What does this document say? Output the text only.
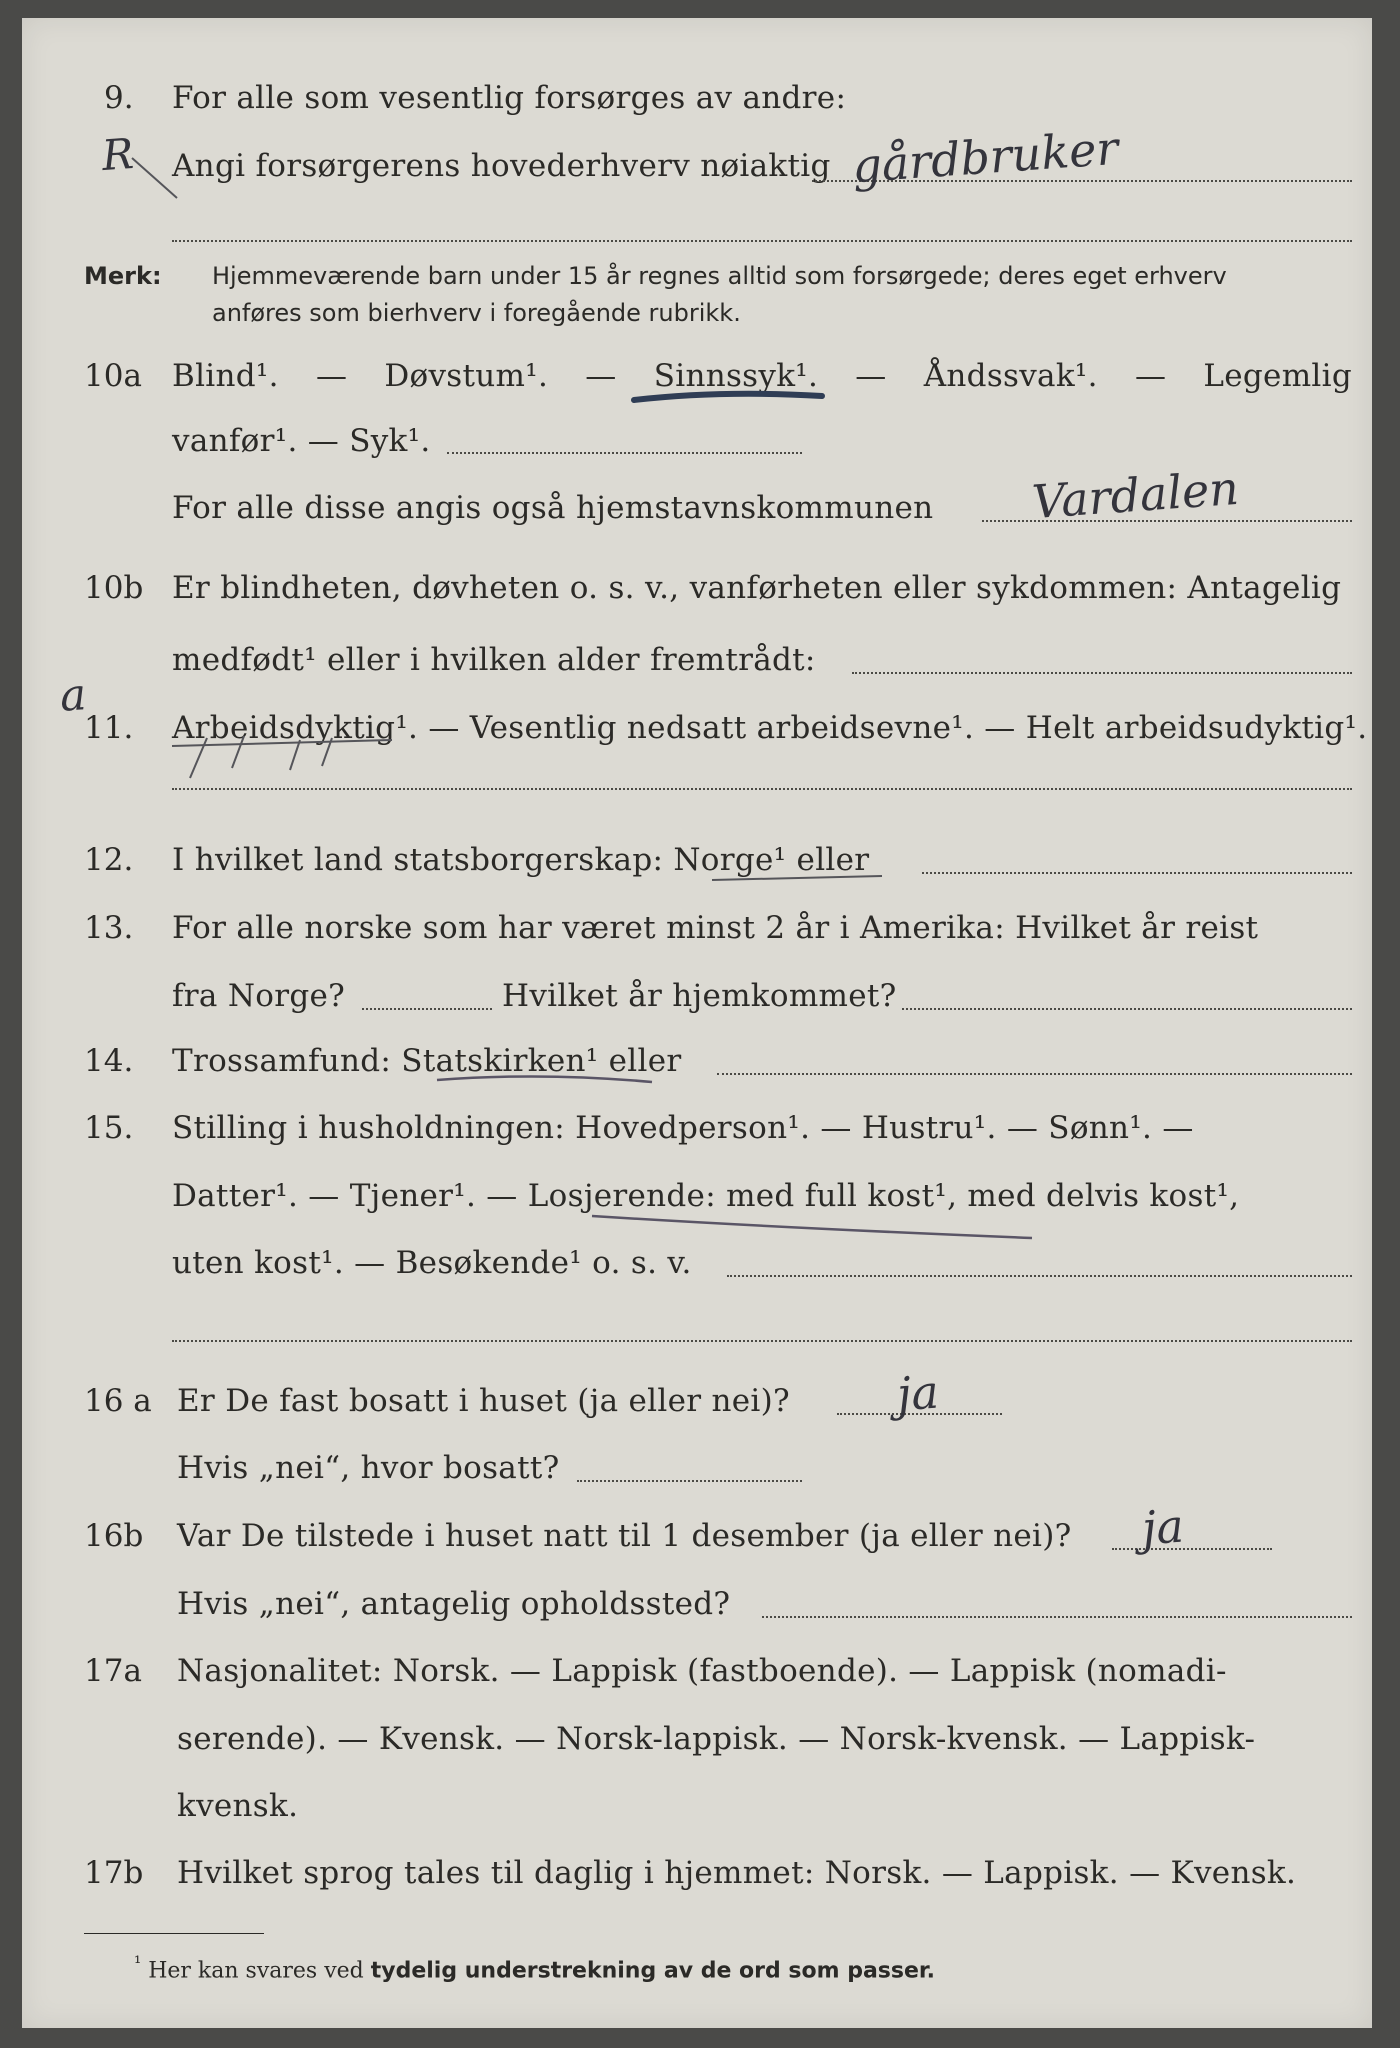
9. For alle som vesentlig forsørges av andre:
R Angi forsørgerens hovederhverv nøiaktig gårdbruker
Merk: Hjemmeværende barn under 15 år regnes alltid som forsørgede; deres eget erhverv
anføres som bierhverv i foregående rubrikk.
10a Blind¹. — Døvstum¹. — Sinnssyk¹. — Åndssvak¹. — Legemlig
vanfør¹. — Syk¹.
For alle disse angis også hjemstavnskommunen Vardalen
10b Er blindheten, døvheten o. s. v., vanførheten eller sykdommen: Antagelig
medfødt¹ eller i hvilken alder fremtrådt:
a
11. Arbeidsdyktig¹. — Vesentlig nedsatt arbeidsevne¹. — Helt arbeidsudyktig¹.
12. I hvilket land statsborgerskap: Norge¹ eller
13. For alle norske som har været minst 2 år i Amerika: Hvilket år reist
fra Norge?	Hvilket år hjemkommet?
14. Trossamfund: Statskirken¹ eller
15. Stilling i husholdningen: Hovedperson¹. — Hustru¹. — Sønn¹. —
Datter¹. — Tjener¹. — Losjerende: med full kost¹, med delvis kost¹,
uten kost¹. — Besøkende¹ o. s. v.
16 a Er De fast bosatt i huset (ja eller nei)? ja
Hvis „nei“, hvor bosatt?
16b Var De tilstede i huset natt til 1 desember (ja eller nei)? ja
Hvis „nei“, antagelig opholdssted?
17a Nasjonalitet: Norsk. — Lappisk (fastboende). — Lappisk (nomadi-
serende). — Kvensk. — Norsk-lappisk. — Norsk-kvensk. — Lappisk-
kvensk.
17b Hvilket sprog tales til daglig i hjemmet: Norsk. — Lappisk. — Kvensk.
$^{^1}$ Her kan svares ved tydelig understrekning av de ord som passer.
